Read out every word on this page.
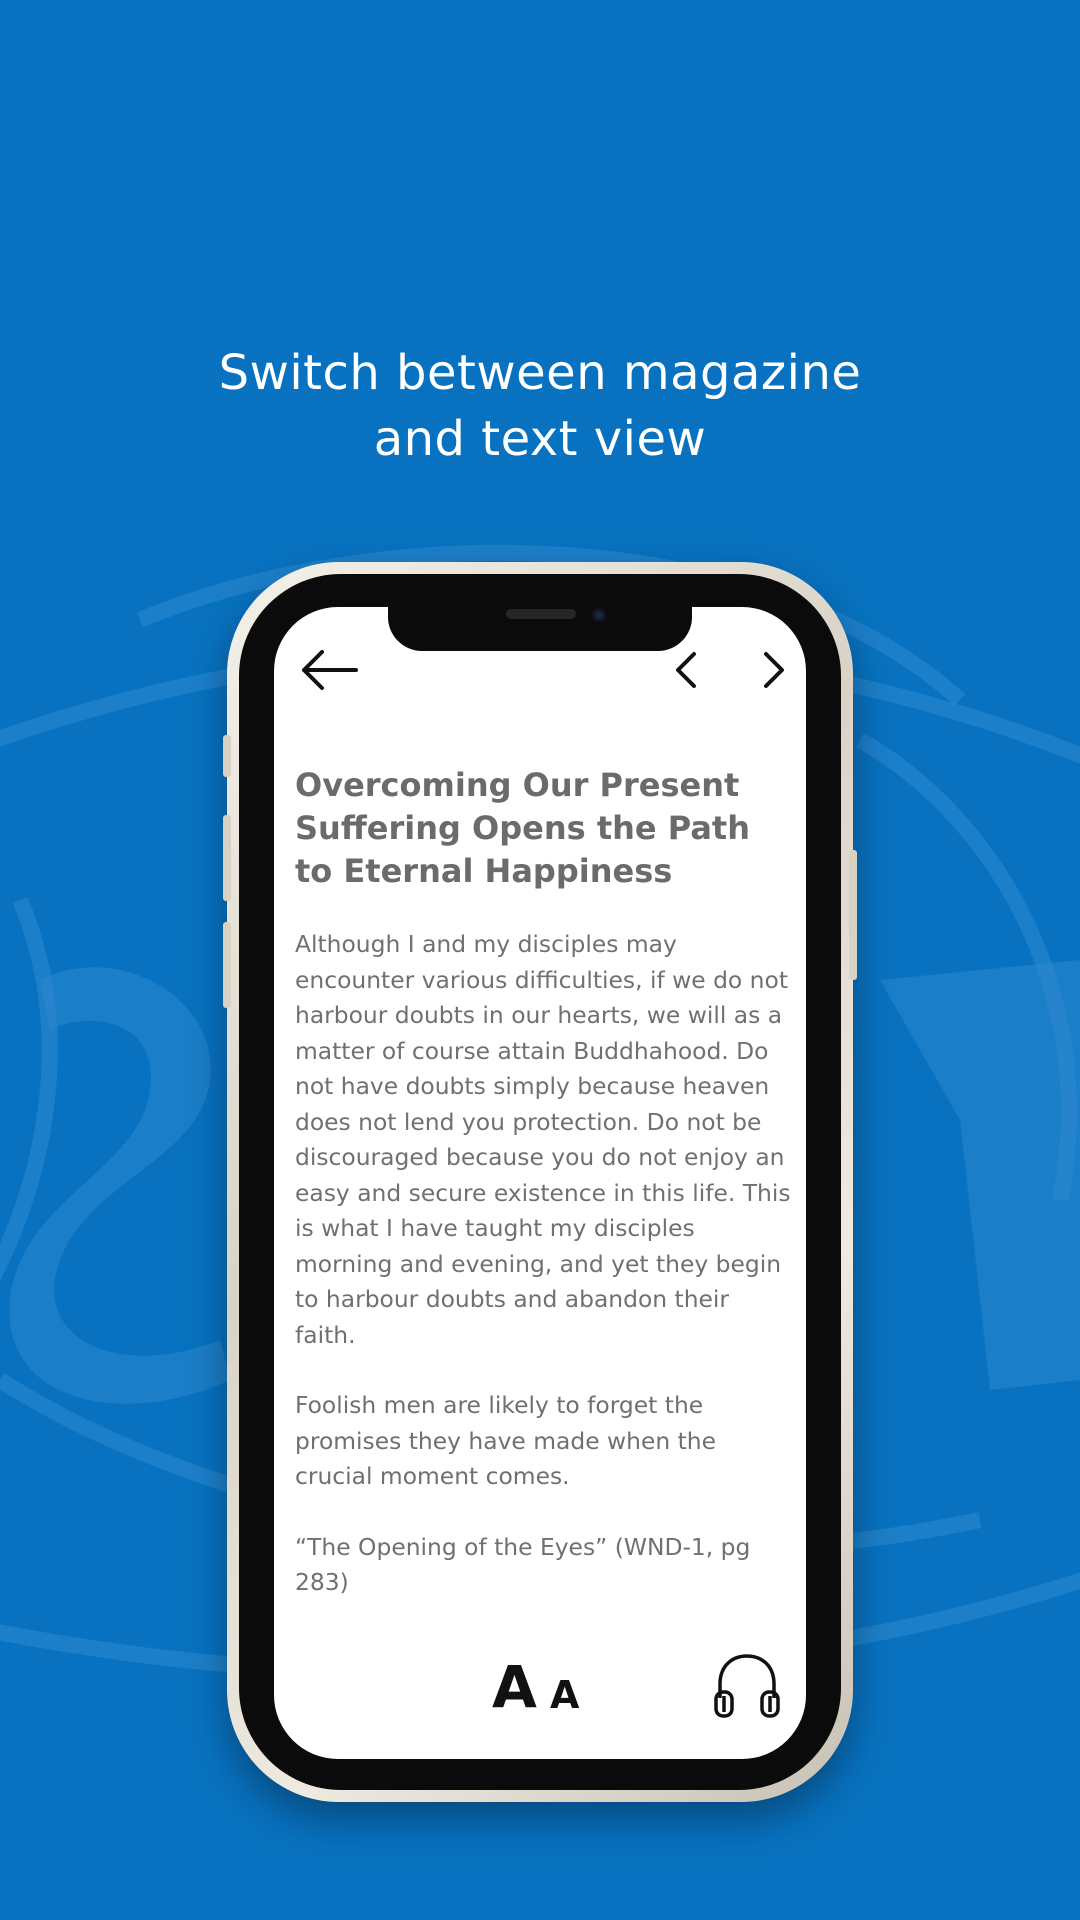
Switch between magazine
and text view
Overcoming Our Present Suffering Opens the Path to Eternal Happiness

Although I and my disciples may encounter various difficulties, if we do not harbour doubts in our hearts, we will as a matter of course attain Buddhahood. Do not have doubts simply because heaven does not lend you protection. Do not be discouraged because you do not enjoy an easy and secure existence in this life. This is what I have taught my disciples morning and evening, and yet they begin to harbour doubts and abandon their faith.

Foolish men are likely to forget the promises they have made when the crucial moment comes.

“The Opening of the Eyes” (WND-1, pg 283)

A A
